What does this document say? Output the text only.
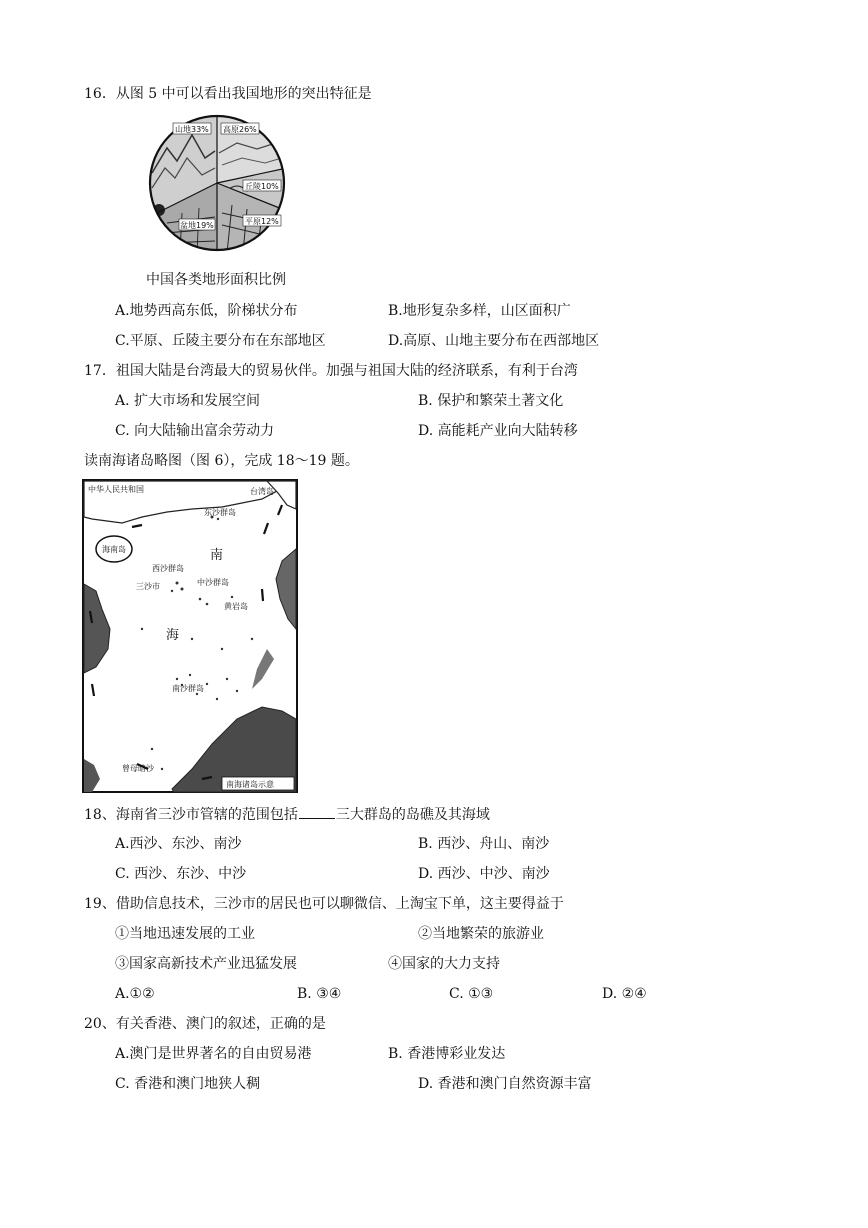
16．从图 5 中可以看出我国地形的突出特征是
山地33% 高原26%
丘陵10%
平原12%
盆地19%
中国各类地形面积比例
A.地势西高东低，阶梯状分布	B.地形复杂多样，山区面积广
C.平原、丘陵主要分布在东部地区	D.高原、山地主要分布在西部地区
17．祖国大陆是台湾最大的贸易伙伴。加强与祖国大陆的经济联系，有利于台湾
A. 扩大市场和发展空间	B. 保护和繁荣土著文化
C. 向大陆输出富余劳动力	D. 高能耗产业向大陆转移
读南海诸岛略图（图 6），完成 18～19 题。
中华人民共和国	台湾岛
海南岛
东沙群岛
西沙群岛
中沙群岛
三沙市
黄岩岛
南
海
南沙群岛
曾母暗沙
南海诸岛示意
18、海南省三沙市管辖的范围包括	三大群岛的岛礁及其海域
A.西沙、东沙、南沙	B. 西沙、舟山、南沙
C. 西沙、东沙、中沙	D. 西沙、中沙、南沙
19、借助信息技术，三沙市的居民也可以聊微信、上淘宝下单，这主要得益于
①当地迅速发展的工业	②当地繁荣的旅游业
③国家高新技术产业迅猛发展	④国家的大力支持
A.①②	B. ③④	C. ①③	D. ②④
20、有关香港、澳门的叙述，正确的是
A.澳门是世界著名的自由贸易港	B. 香港博彩业发达
C. 香港和澳门地狭人稠	D. 香港和澳门自然资源丰富
